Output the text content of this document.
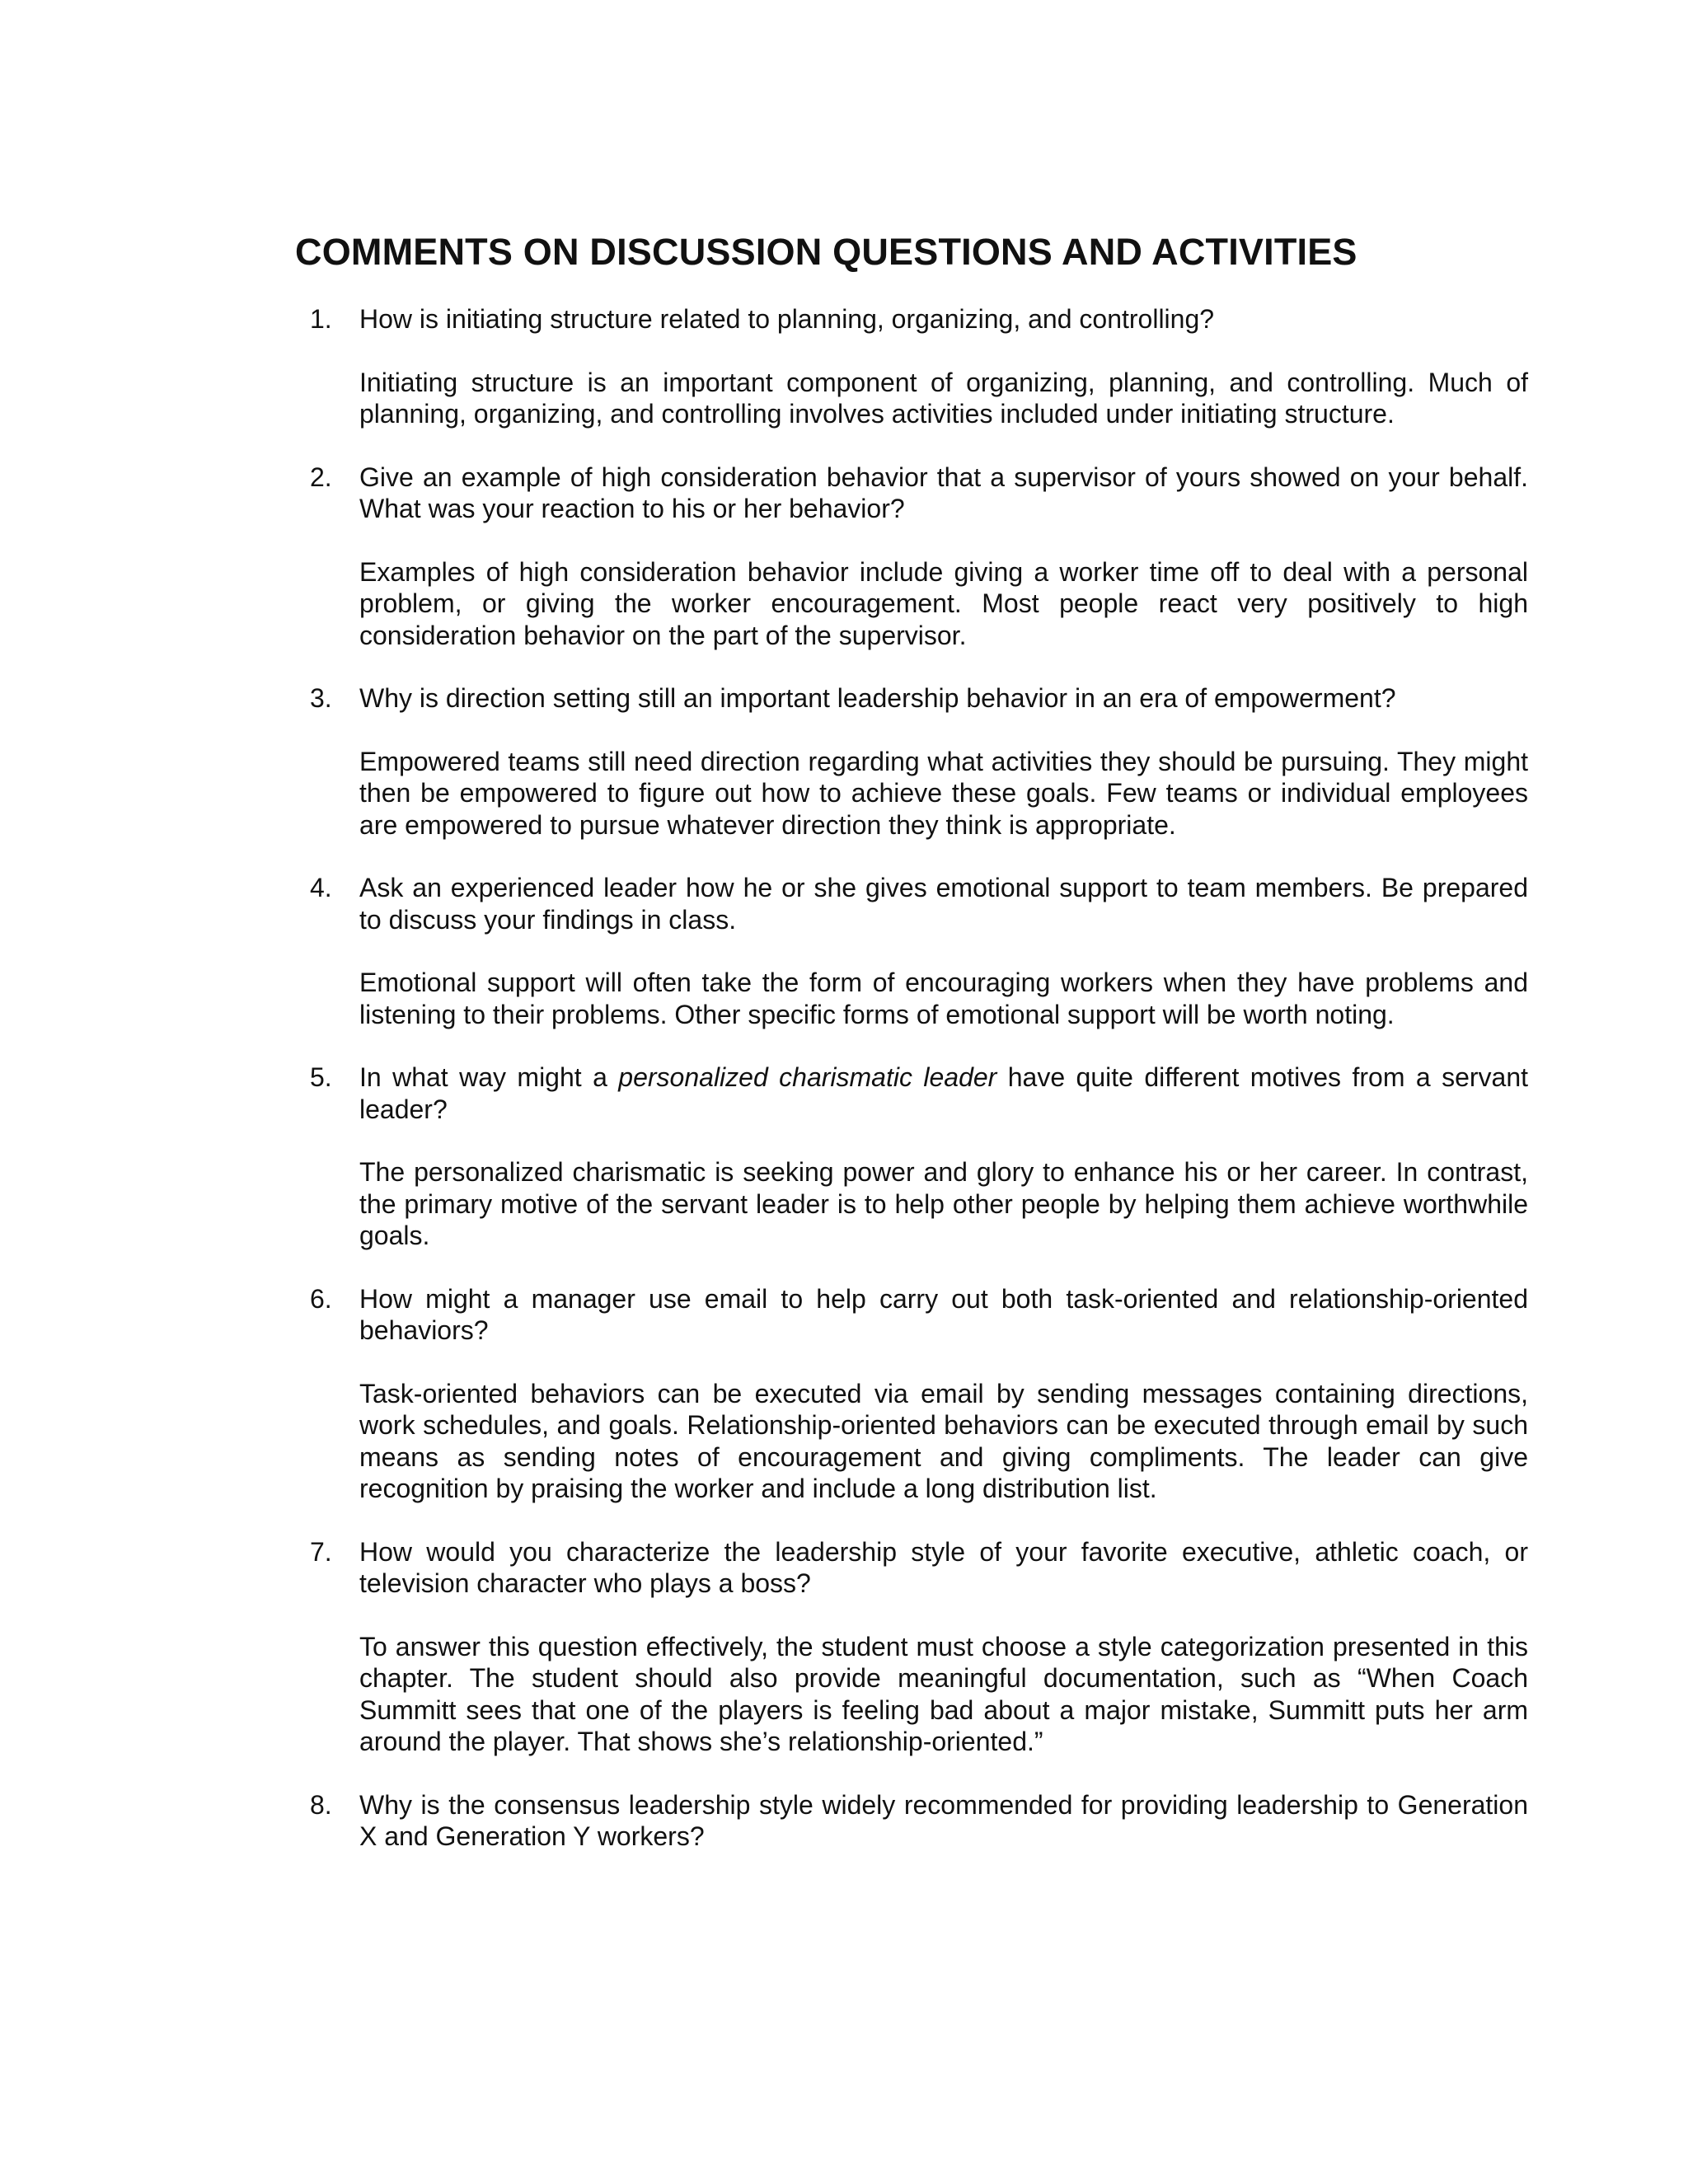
COMMENTS ON DISCUSSION QUESTIONS AND ACTIVITIES
1.	How is initiating structure related to planning, organizing, and controlling?

Initiating structure is an important component of organizing, planning, and controlling. Much of planning, organizing, and controlling involves activities included under initiating structure.

2.	Give an example of high consideration behavior that a supervisor of yours showed on your behalf. What was your reaction to his or her behavior?

Examples of high consideration behavior include giving a worker time off to deal with a personal problem, or giving the worker encouragement. Most people react very positively to high consideration behavior on the part of the supervisor.

3.	Why is direction setting still an important leadership behavior in an era of empowerment?

Empowered teams still need direction regarding what activities they should be pursuing. They might then be empowered to figure out how to achieve these goals. Few teams or individual employees are empowered to pursue whatever direction they think is appropriate.

4.	Ask an experienced leader how he or she gives emotional support to team members. Be prepared to discuss your findings in class.

Emotional support will often take the form of encouraging workers when they have problems and listening to their problems. Other specific forms of emotional support will be worth noting.

5.	In what way might a personalized charismatic leader have quite different motives from a servant leader?

The personalized charismatic is seeking power and glory to enhance his or her career. In contrast, the primary motive of the servant leader is to help other people by helping them achieve worthwhile goals.

6.	How might a manager use email to help carry out both task-oriented and relationship-oriented behaviors?

Task-oriented behaviors can be executed via email by sending messages containing directions, work schedules, and goals. Relationship-oriented behaviors can be executed through email by such means as sending notes of encouragement and giving compliments. The leader can give recognition by praising the worker and include a long distribution list.

7.	How would you characterize the leadership style of your favorite executive, athletic coach, or television character who plays a boss?

To answer this question effectively, the student must choose a style categorization presented in this chapter. The student should also provide meaningful documentation, such as “When Coach Summitt sees that one of the players is feeling bad about a major mistake, Summitt puts her arm around the player. That shows she’s relationship-oriented.”

8.	Why is the consensus leadership style widely recommended for providing leadership to Generation X and Generation Y workers?
